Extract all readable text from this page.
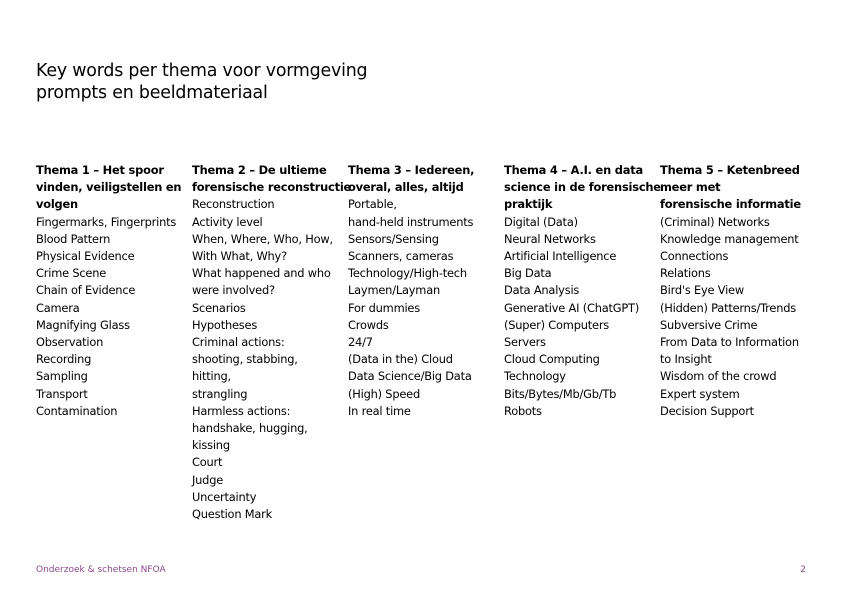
Key words per thema voor vormgeving
prompts en beeldmateriaal
Thema 1 – Het spoor
vinden, veiligstellen en
volgen
Fingermarks, Fingerprints
Blood Pattern
Physical Evidence
Crime Scene
Chain of Evidence
Camera
Magnifying Glass
Observation
Recording
Sampling
Transport
Contamination
Thema 2 – De ultieme
forensische reconstructie
Reconstruction
Activity level
When, Where, Who, How,
With What, Why?
What happened and who
were involved?
Scenarios
Hypotheses
Criminal actions:
shooting, stabbing,
hitting,
strangling
Harmless actions:
handshake, hugging,
kissing
Court
Judge
Uncertainty
Question Mark
Thema 3 – Iedereen,
overal, alles, altijd
Portable,
hand-held instruments
Sensors/Sensing
Scanners, cameras
Technology/High-tech
Laymen/Layman
For dummies
Crowds
24/7
(Data in the) Cloud
Data Science/Big Data
(High) Speed
In real time
Thema 4 – A.I. en data
science in de forensische
praktijk
Digital (Data)
Neural Networks
Artificial Intelligence
Big Data
Data Analysis
Generative AI (ChatGPT)
(Super) Computers
Servers
Cloud Computing
Technology
Bits/Bytes/Mb/Gb/Tb
Robots
Thema 5 – Ketenbreed
meer met
forensische informatie
(Criminal) Networks
Knowledge management
Connections
Relations
Bird's Eye View
(Hidden) Patterns/Trends
Subversive Crime
From Data to Information
to Insight
Wisdom of the crowd
Expert system
Decision Support
Onderzoek & schetsen NFOA	2
